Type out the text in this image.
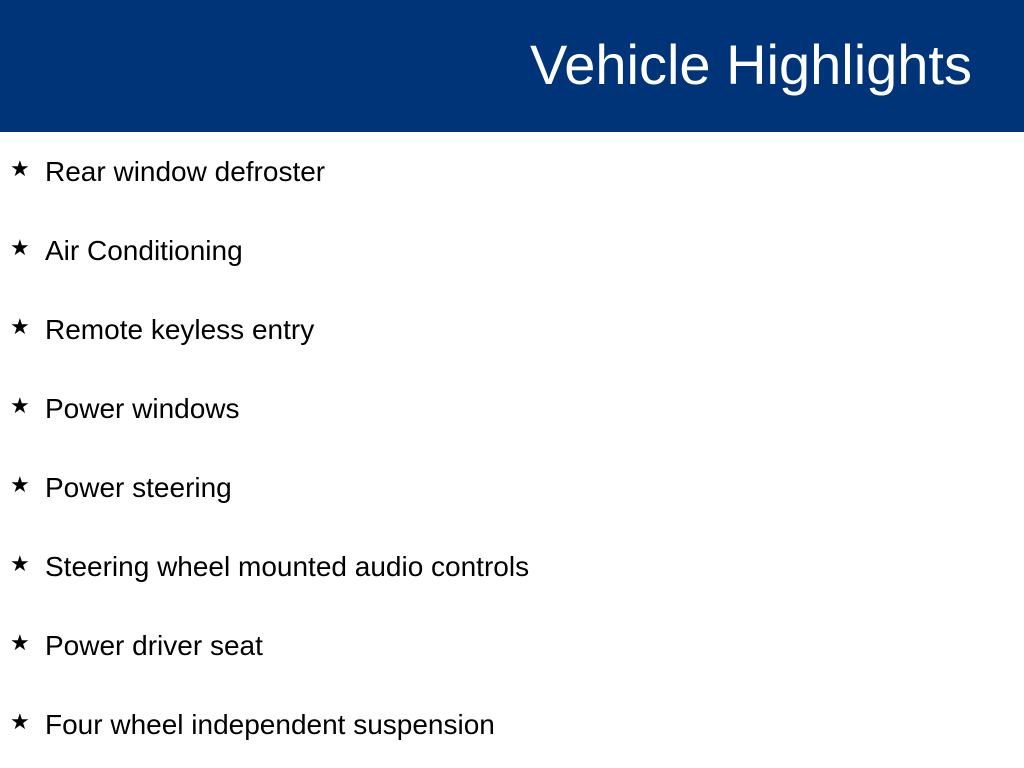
Vehicle Highlights
★ Rear window defroster
★ Air Conditioning
★ Remote keyless entry
★ Power windows
★ Power steering
★ Steering wheel mounted audio controls
★ Power driver seat
★ Four wheel independent suspension
